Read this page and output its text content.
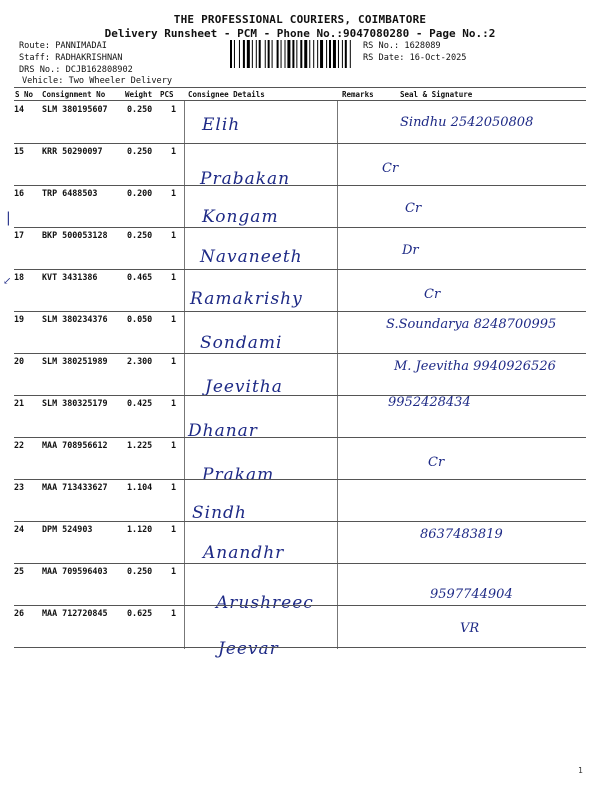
THE PROFESSIONAL COURIERS, COIMBATORE
Delivery Runsheet - PCM - Phone No.:9047080280 - Page No.:2
Route: PANNIMADAI
Staff: RADHAKRISHNAN
DRS No.: DCJB162808902
Vehicle: Two Wheeler Delivery
RS No.: 1628089
RS Date: 16-Oct-2025
S No Consignment No	Weight PCS Consignee Details	Remarks	Seal & Signature
14 SLM 380195607 0.250 1
Elih	Sindhu 2542050808
15 KRR 50290097	0.250 1
Prabakan
Cr
16 TRP 6488503	0.200 1
Kongam	Cr
17 BKP 500053128 0.250 1
Navaneeth	Dr
18 KVT 3431386	0.465 1
Ramakrishy	Cr
19 SLM 380234376 0.050 1
Sondami
S.Soundarya 8248700995
20 SLM 380251989 2.300 1
Jeevitha
M. Jeevitha 9940926526
21 SLM 380325179 0.425 1
Dhanar
9952428434
22 MAA 708956612 1.225 1
Prakam
Cr
23 MAA 713433627 1.104 1
Sindh
24 DPM 524903	1.120 1
Anandhr
8637483819
25 MAA 709596403 0.250 1
Arushreec	9597744904
26 MAA 712720845 0.625 1
Jeevar
VR
|
↙
1
